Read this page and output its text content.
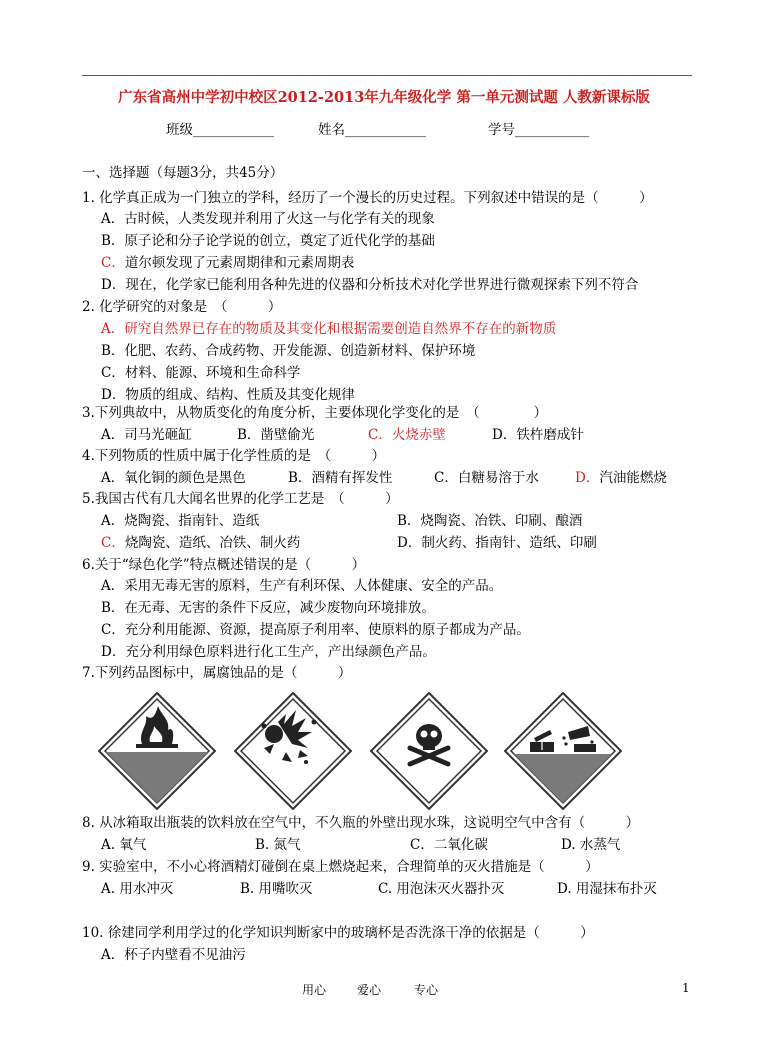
广东省高州中学初中校区2012-2013年九年级化学 第一单元测试题 人教新课标版
班级____________	姓名____________	学号___________
一、选择题（每题3分，共45分）
1. 化学真正成为一门独立的学科，经历了一个漫长的历史过程。下列叙述中错误的是（　　　）
A．古时候，人类发现并利用了火这一与化学有关的现象
B．原子论和分子论学说的创立，奠定了近代化学的基础
C．道尔顿发现了元素周期律和元素周期表
D．现在，化学家已能利用各种先进的仪器和分析技术对化学世界进行微观探索下列不符合
2. 化学研究的对象是　（　　　）
A．研究自然界已存在的物质及其变化和根据需要创造自然界不存在的新物质
B．化肥、农药、合成药物、开发能源、创造新材料、保护环境
C．材料、能源、环境和生命科学
D．物质的组成、结构、性质及其变化规律
3.下列典故中，从物质变化的角度分析，主要体现化学变化的是　（　　　　）
A．司马光砸缸	B．凿壁偷光	C．火烧赤壁	D．铁杵磨成针
4.下列物质的性质中属于化学性质的是　（　　　）
A．氧化铜的颜色是黑色	B．酒精有挥发性	C．白糖易溶于水	D．汽油能燃烧
5.我国古代有几大闻名世界的化学工艺是　（　　　）
A．烧陶瓷、指南针、造纸	B．烧陶瓷、冶铁、印刷、酿酒
C．烧陶瓷、造纸、冶铁、制火药	D．制火药、指南针、造纸、印刷
6.关于“绿色化学”特点概述错误的是（　　　）
A．采用无毒无害的原料，生产有利环保、人体健康、安全的产品。
B．在无毒、无害的条件下反应，减少废物向环境排放。
C．充分利用能源、资源，提高原子利用率、使原料的原子都成为产品。
D．充分利用绿色原料进行化工生产，产出绿颜色产品。
7.下列药品图标中，属腐蚀品的是（　　　）
8. 从冰箱取出瓶装的饮料放在空气中，不久瓶的外壁出现水珠，这说明空气中含有（　　　）
A. 氧气	B. 氮气	C．二氧化碳	D. 水蒸气
9. 实验室中，不小心将酒精灯碰倒在桌上燃烧起来，合理简单的灭火措施是（　　　）
A. 用水冲灭	B. 用嘴吹灭	C. 用泡沫灭火器扑灭	D. 用湿抹布扑灭
10. 徐建同学利用学过的化学知识判断家中的玻璃杯是否洗涤干净的依据是（　　　）
A．杯子内壁看不见油污
用心	爱心	专心	1
